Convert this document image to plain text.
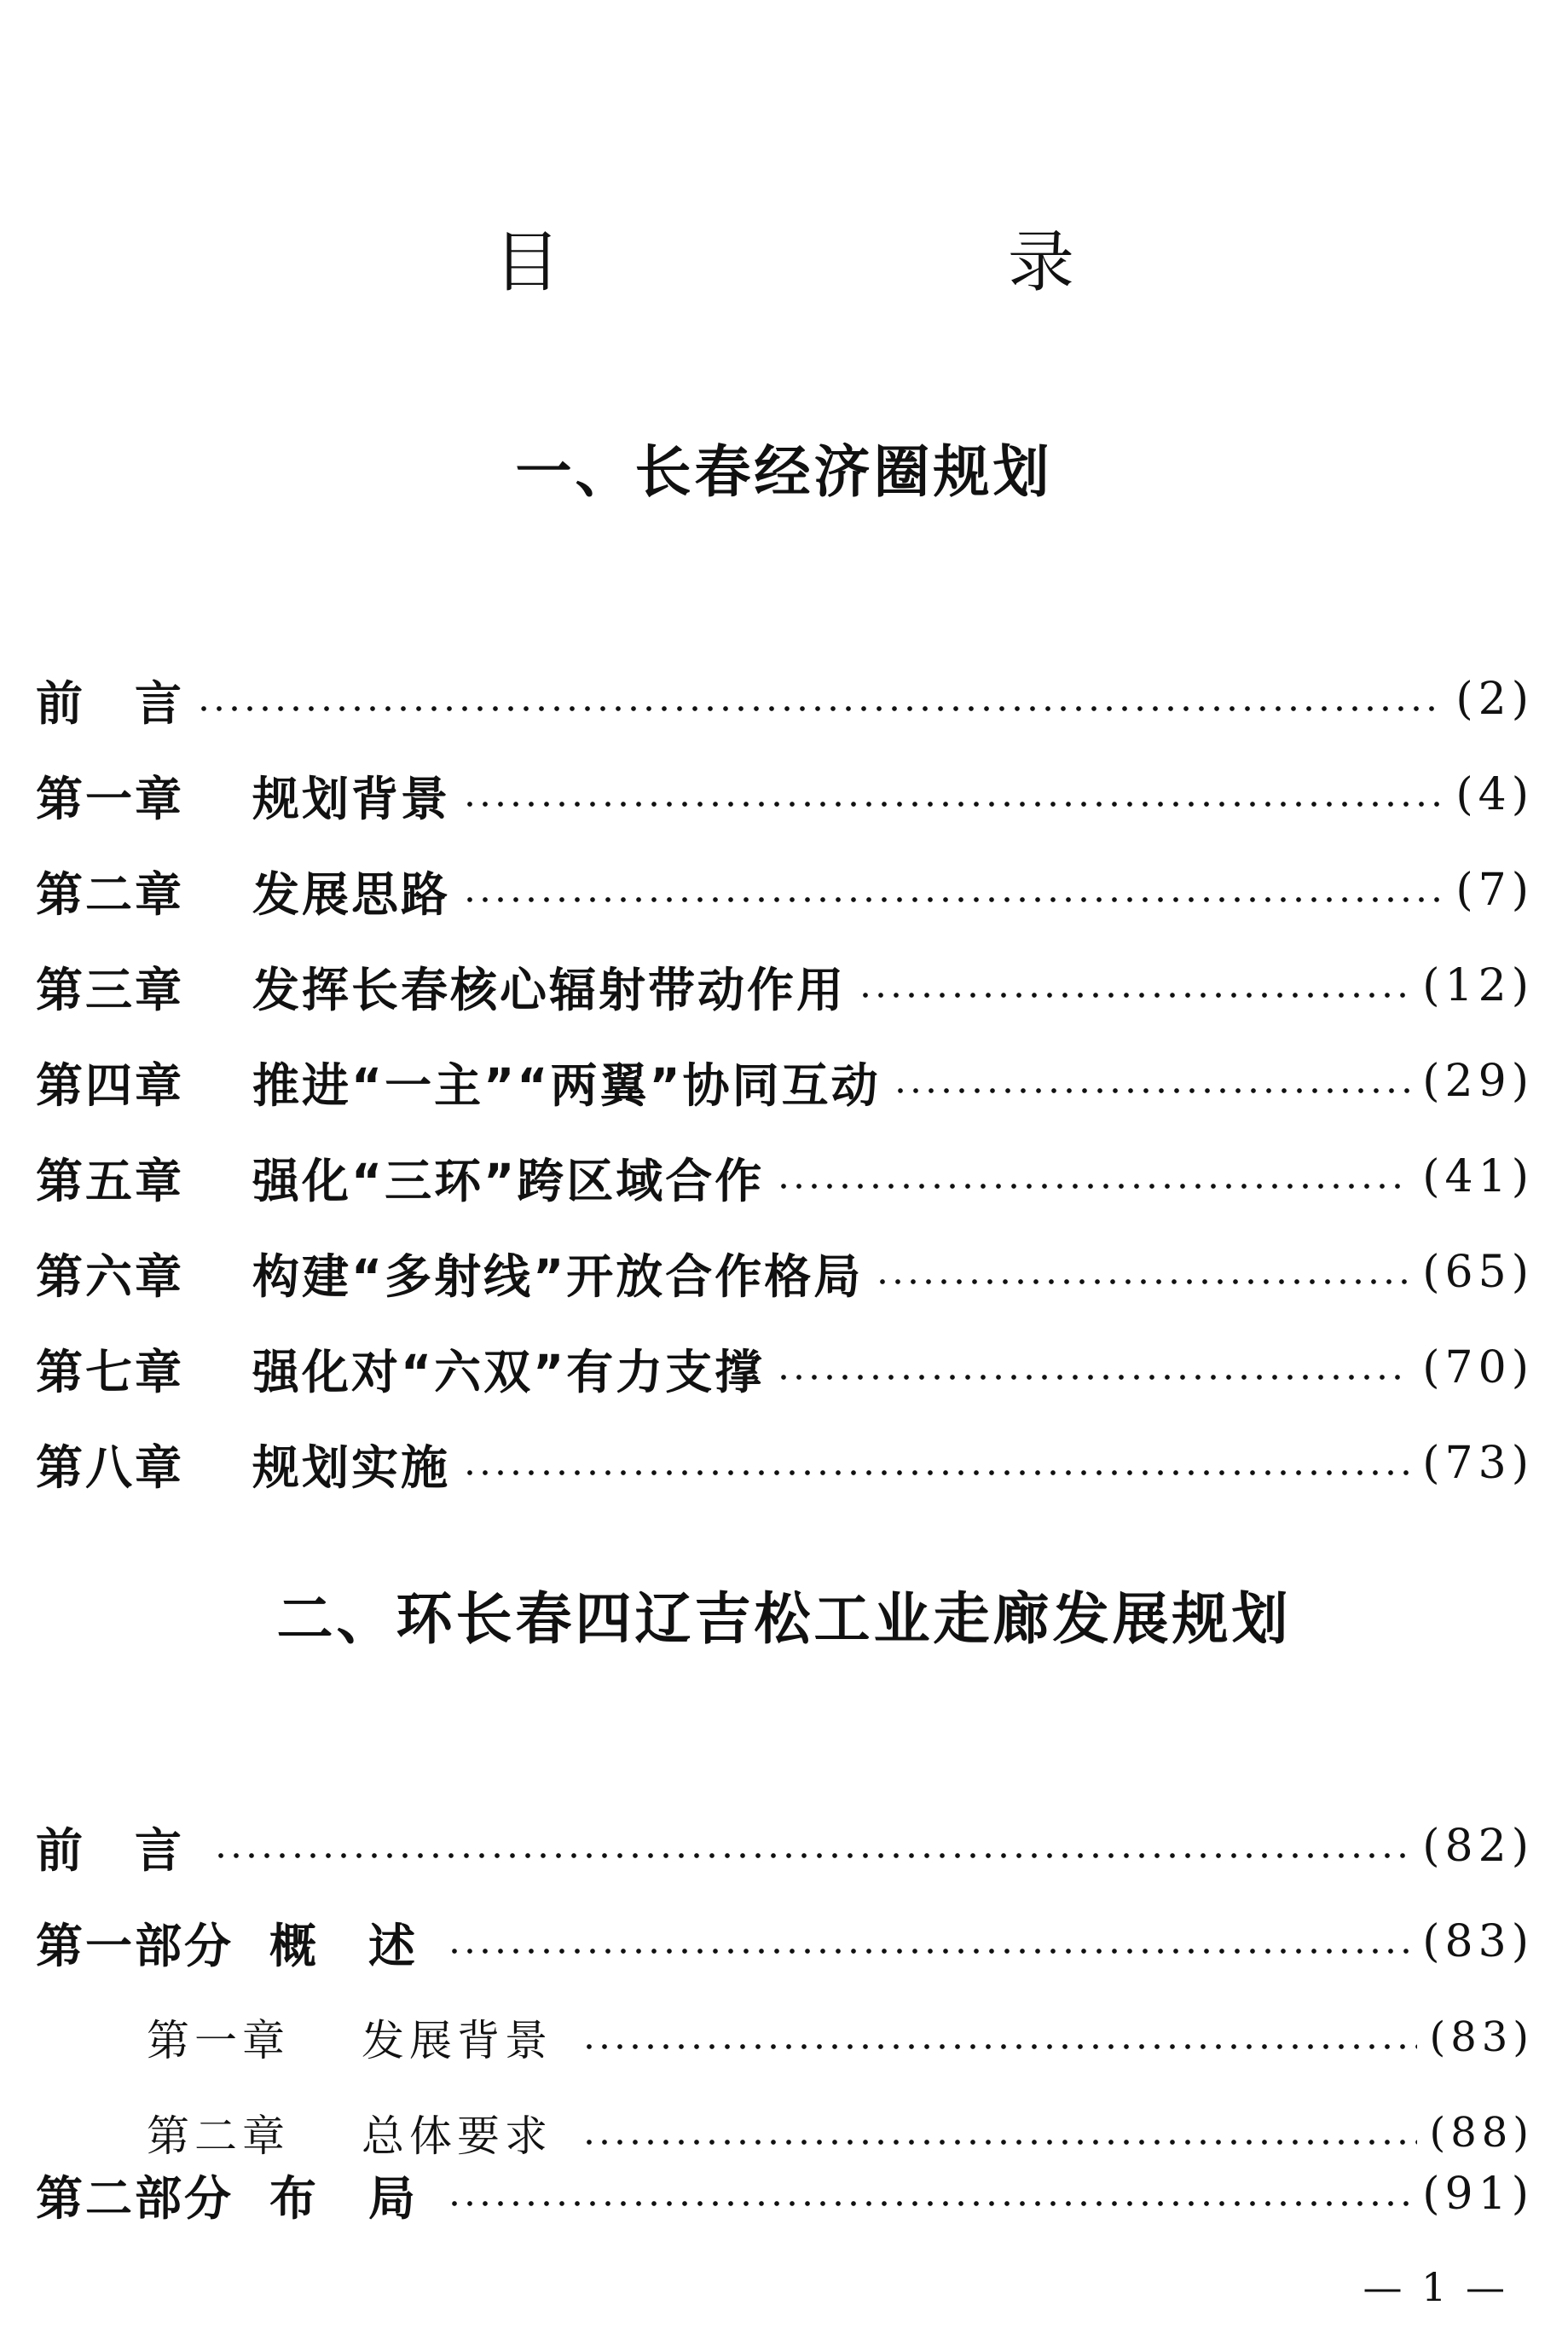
目 录
一、长春经济圈规划
前　言	(2)
第一章 规划背景	(4)
第二章 发展思路	(7)
第三章 发挥长春核心辐射带动作用	(12)
第四章 推进“一主”“两翼”协同互动	(29)
第五章 强化“三环”跨区域合作	(41)
第六章 构建“多射线”开放合作格局	(65)
第七章 强化对“六双”有力支撑	(70)
第八章 规划实施	(73)
二、环长春四辽吉松工业走廊发展规划
前　言	(82)
第一部分 概　述	(83)
第一章 发展背景	(83)
第二章 总体要求	(88)
第二部分 布　局	(91)
— 1 —
